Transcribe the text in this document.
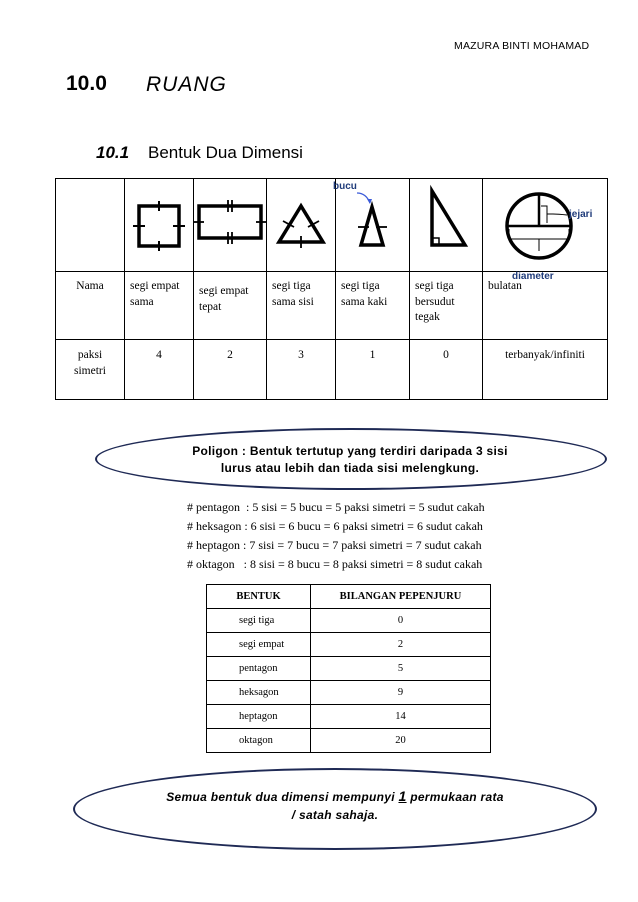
MAZURA BINTI MOHAMAD
10.0 RUANG
10.1 Bentuk Dua Dimensi

Nama	segi empat sama	segi empat tepat	segi tiga sama sisi	segi tiga sama kaki	segi tiga bersudut tegak	bulatan
paksi simetri	4	2	3	1	0	terbanyak/infiniti
bucu
jejari
diameter
Poligon : Bentuk tertutup yang terdiri daripada 3 sisi
lurus atau lebih dan tiada sisi melengkung.
# pentagon  : 5 sisi = 5 bucu = 5 paksi simetri = 5 sudut cakah
# heksagon : 6 sisi = 6 bucu = 6 paksi simetri = 6 sudut cakah
# heptagon : 7 sisi = 7 bucu = 7 paksi simetri = 7 sudut cakah
# oktagon   : 8 sisi = 8 bucu = 8 paksi simetri = 8 sudut cakah
BENTUK	BILANGAN PEPENJURU
segi tiga	0
segi empat	2
pentagon	5
heksagon	9
heptagon	14
oktagon	20
Semua bentuk dua dimensi mempunyi 1 permukaan rata
/ satah sahaja.
